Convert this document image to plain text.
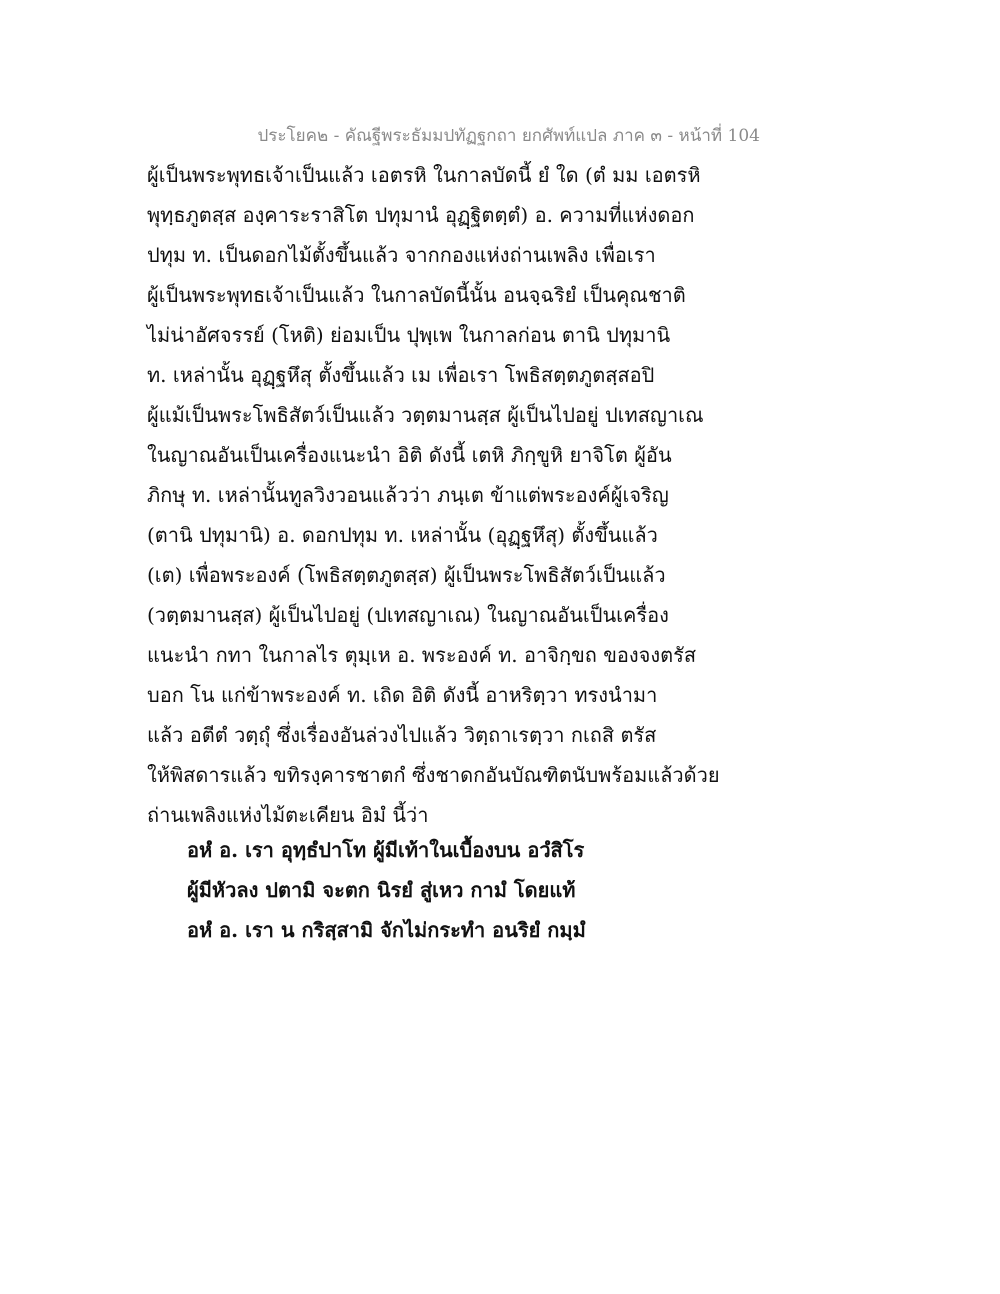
ประโยค๒ - คัณฐีพระธัมมปทัฏฐกถา ยกศัพท์แปล ภาค ๓ - หน้าที่ 104
ผู้เป็นพระพุทธเจ้าเป็นแล้ว เอตรหิ ในกาลบัดนี้ ยํ ใด (ตํ มม เอตรหิ
พุทฺธภูตสฺส องฺคาระราสิโต ปทุมานํ อุฏฺฐิตตฺตํ) อ. ความที่แห่งดอก
ปทุม ท. เป็นดอกไม้ตั้งขึ้นแล้ว จากกองแห่งถ่านเพลิง เพื่อเรา
ผู้เป็นพระพุทธเจ้าเป็นแล้ว ในกาลบัดนี้นั้น อนจฺฉริยํ เป็นคุณชาติ
ไม่น่าอัศจรรย์ (โหติ) ย่อมเป็น ปุพฺเพ ในกาลก่อน ตานิ ปทุมานิ
ท. เหล่านั้น อุฏฺฐหึสุ ตั้งขึ้นแล้ว เม เพื่อเรา โพธิสตฺตภูตสฺสอปิ
ผู้แม้เป็นพระโพธิสัตว์เป็นแล้ว วตฺตมานสฺส ผู้เป็นไปอยู่ ปเทสญาเณ
ในญาณอันเป็นเครื่องแนะนำ อิติ ดังนี้ เตหิ ภิกฺขูหิ ยาจิโต ผู้อัน
ภิกษุ ท. เหล่านั้นทูลวิงวอนแล้วว่า ภนฺเต ข้าแต่พระองค์ผู้เจริญ
(ตานิ ปทุมานิ) อ. ดอกปทุม ท. เหล่านั้น (อุฏฺฐหึสุ) ตั้งขึ้นแล้ว
(เต) เพื่อพระองค์ (โพธิสตฺตภูตสฺส) ผู้เป็นพระโพธิสัตว์เป็นแล้ว
(วตฺตมานสฺส) ผู้เป็นไปอยู่ (ปเทสญาเณ) ในญาณอันเป็นเครื่อง
แนะนำ กทา ในกาลไร ตุมฺเห อ. พระองค์ ท. อาจิกฺขถ ของจงตรัส
บอก โน แก่ข้าพระองค์ ท. เถิด อิติ ดังนี้ อาหริตฺวา ทรงนำมา
แล้ว อตีตํ วตฺถุํ ซึ่งเรื่องอันล่วงไปแล้ว วิตฺถาเรตฺวา กเถสิ ตรัส
ให้พิสดารแล้ว ขทิรงฺคารชาตกํ ซึ่งชาดกอันบัณฑิตนับพร้อมแล้วด้วย
ถ่านเพลิงแห่งไม้ตะเคียน อิมํ นี้ว่า
อหํ อ. เรา อุทฺธํปาโท ผู้มีเท้าในเบื้องบน อวํสิโร
ผู้มีหัวลง ปตามิ จะตก นิรยํ สู่เหว กามํ โดยแท้
อหํ อ. เรา น กริสฺสามิ จักไม่กระทำ อนริยํ กมฺมํ
